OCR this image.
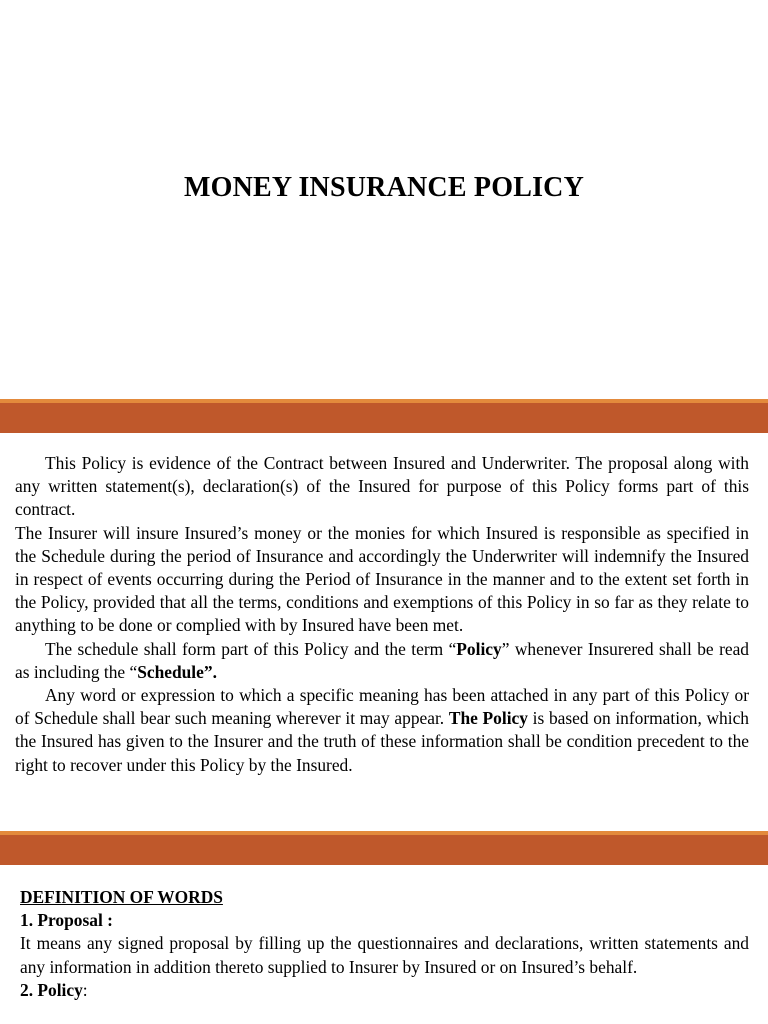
MONEY INSURANCE POLICY

This Policy is evidence of the Contract between Insured and Underwriter. The proposal along with any written statement(s), declaration(s) of the Insured for purpose of this Policy forms part of this contract.

The Insurer will insure Insured’s money or the monies for which Insured is responsible as specified in the Schedule during the period of Insurance and accordingly the Underwriter will indemnify the Insured in respect of events occurring during the Period of Insurance in the manner and to the extent set forth in the Policy, provided that all the terms, conditions and exemptions of this Policy in so far as they relate to anything to be done or complied with by Insured have been met.

The schedule shall form part of this Policy and the term “Policy” whenever Insurered shall be read as including the “Schedule”.

Any word or expression to which a specific meaning has been attached in any part of this Policy or of Schedule shall bear such meaning wherever it may appear. The Policy is based on information, which the Insured has given to the Insurer and the truth of these information shall be condition precedent to the right to recover under this Policy by the Insured.

DEFINITION OF WORDS

1. Proposal :

It means any signed proposal by filling up the questionnaires and declarations, written statements and any information in addition thereto supplied to Insurer by Insured or on Insured’s behalf.

2. Policy:
